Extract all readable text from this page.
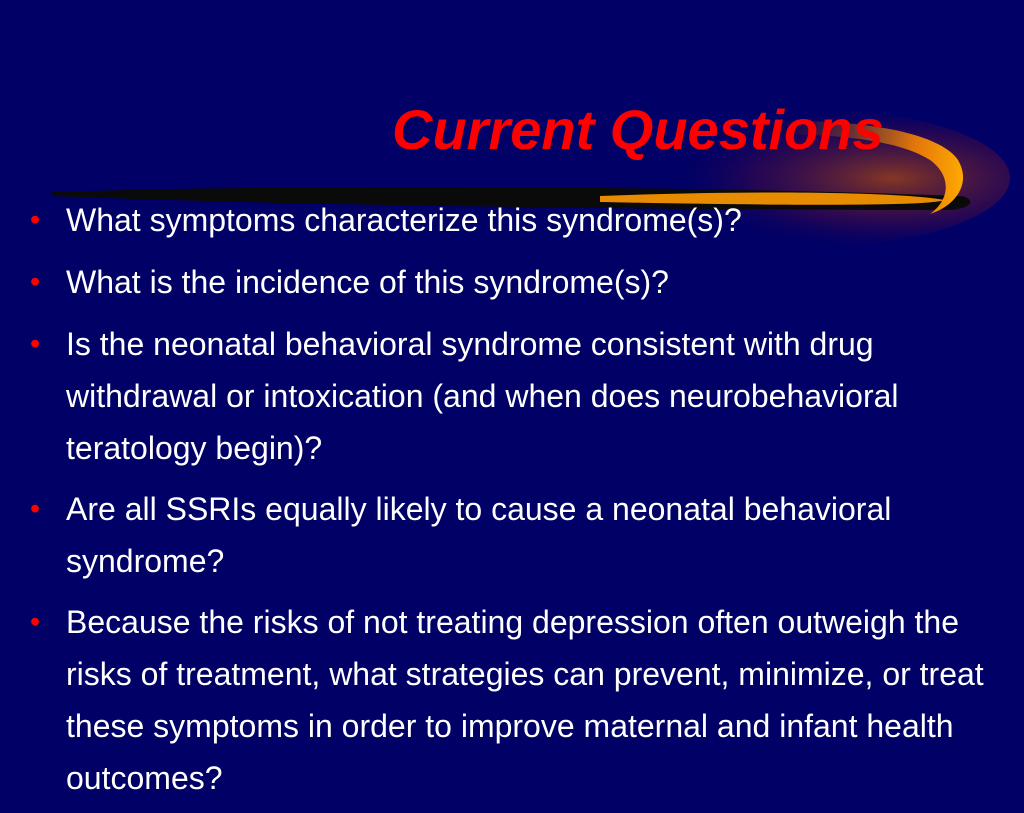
Current Questions
• What symptoms characterize this syndrome(s)?
• What is the incidence of this syndrome(s)?
• Is the neonatal behavioral syndrome consistent with drug withdrawal or intoxication (and when does neurobehavioral teratology begin)?
• Are all SSRIs equally likely to cause a neonatal behavioral syndrome?
• Because the risks of not treating depression often outweigh the risks of treatment, what strategies can prevent, minimize, or treat these symptoms in order to improve maternal and infant health outcomes?
